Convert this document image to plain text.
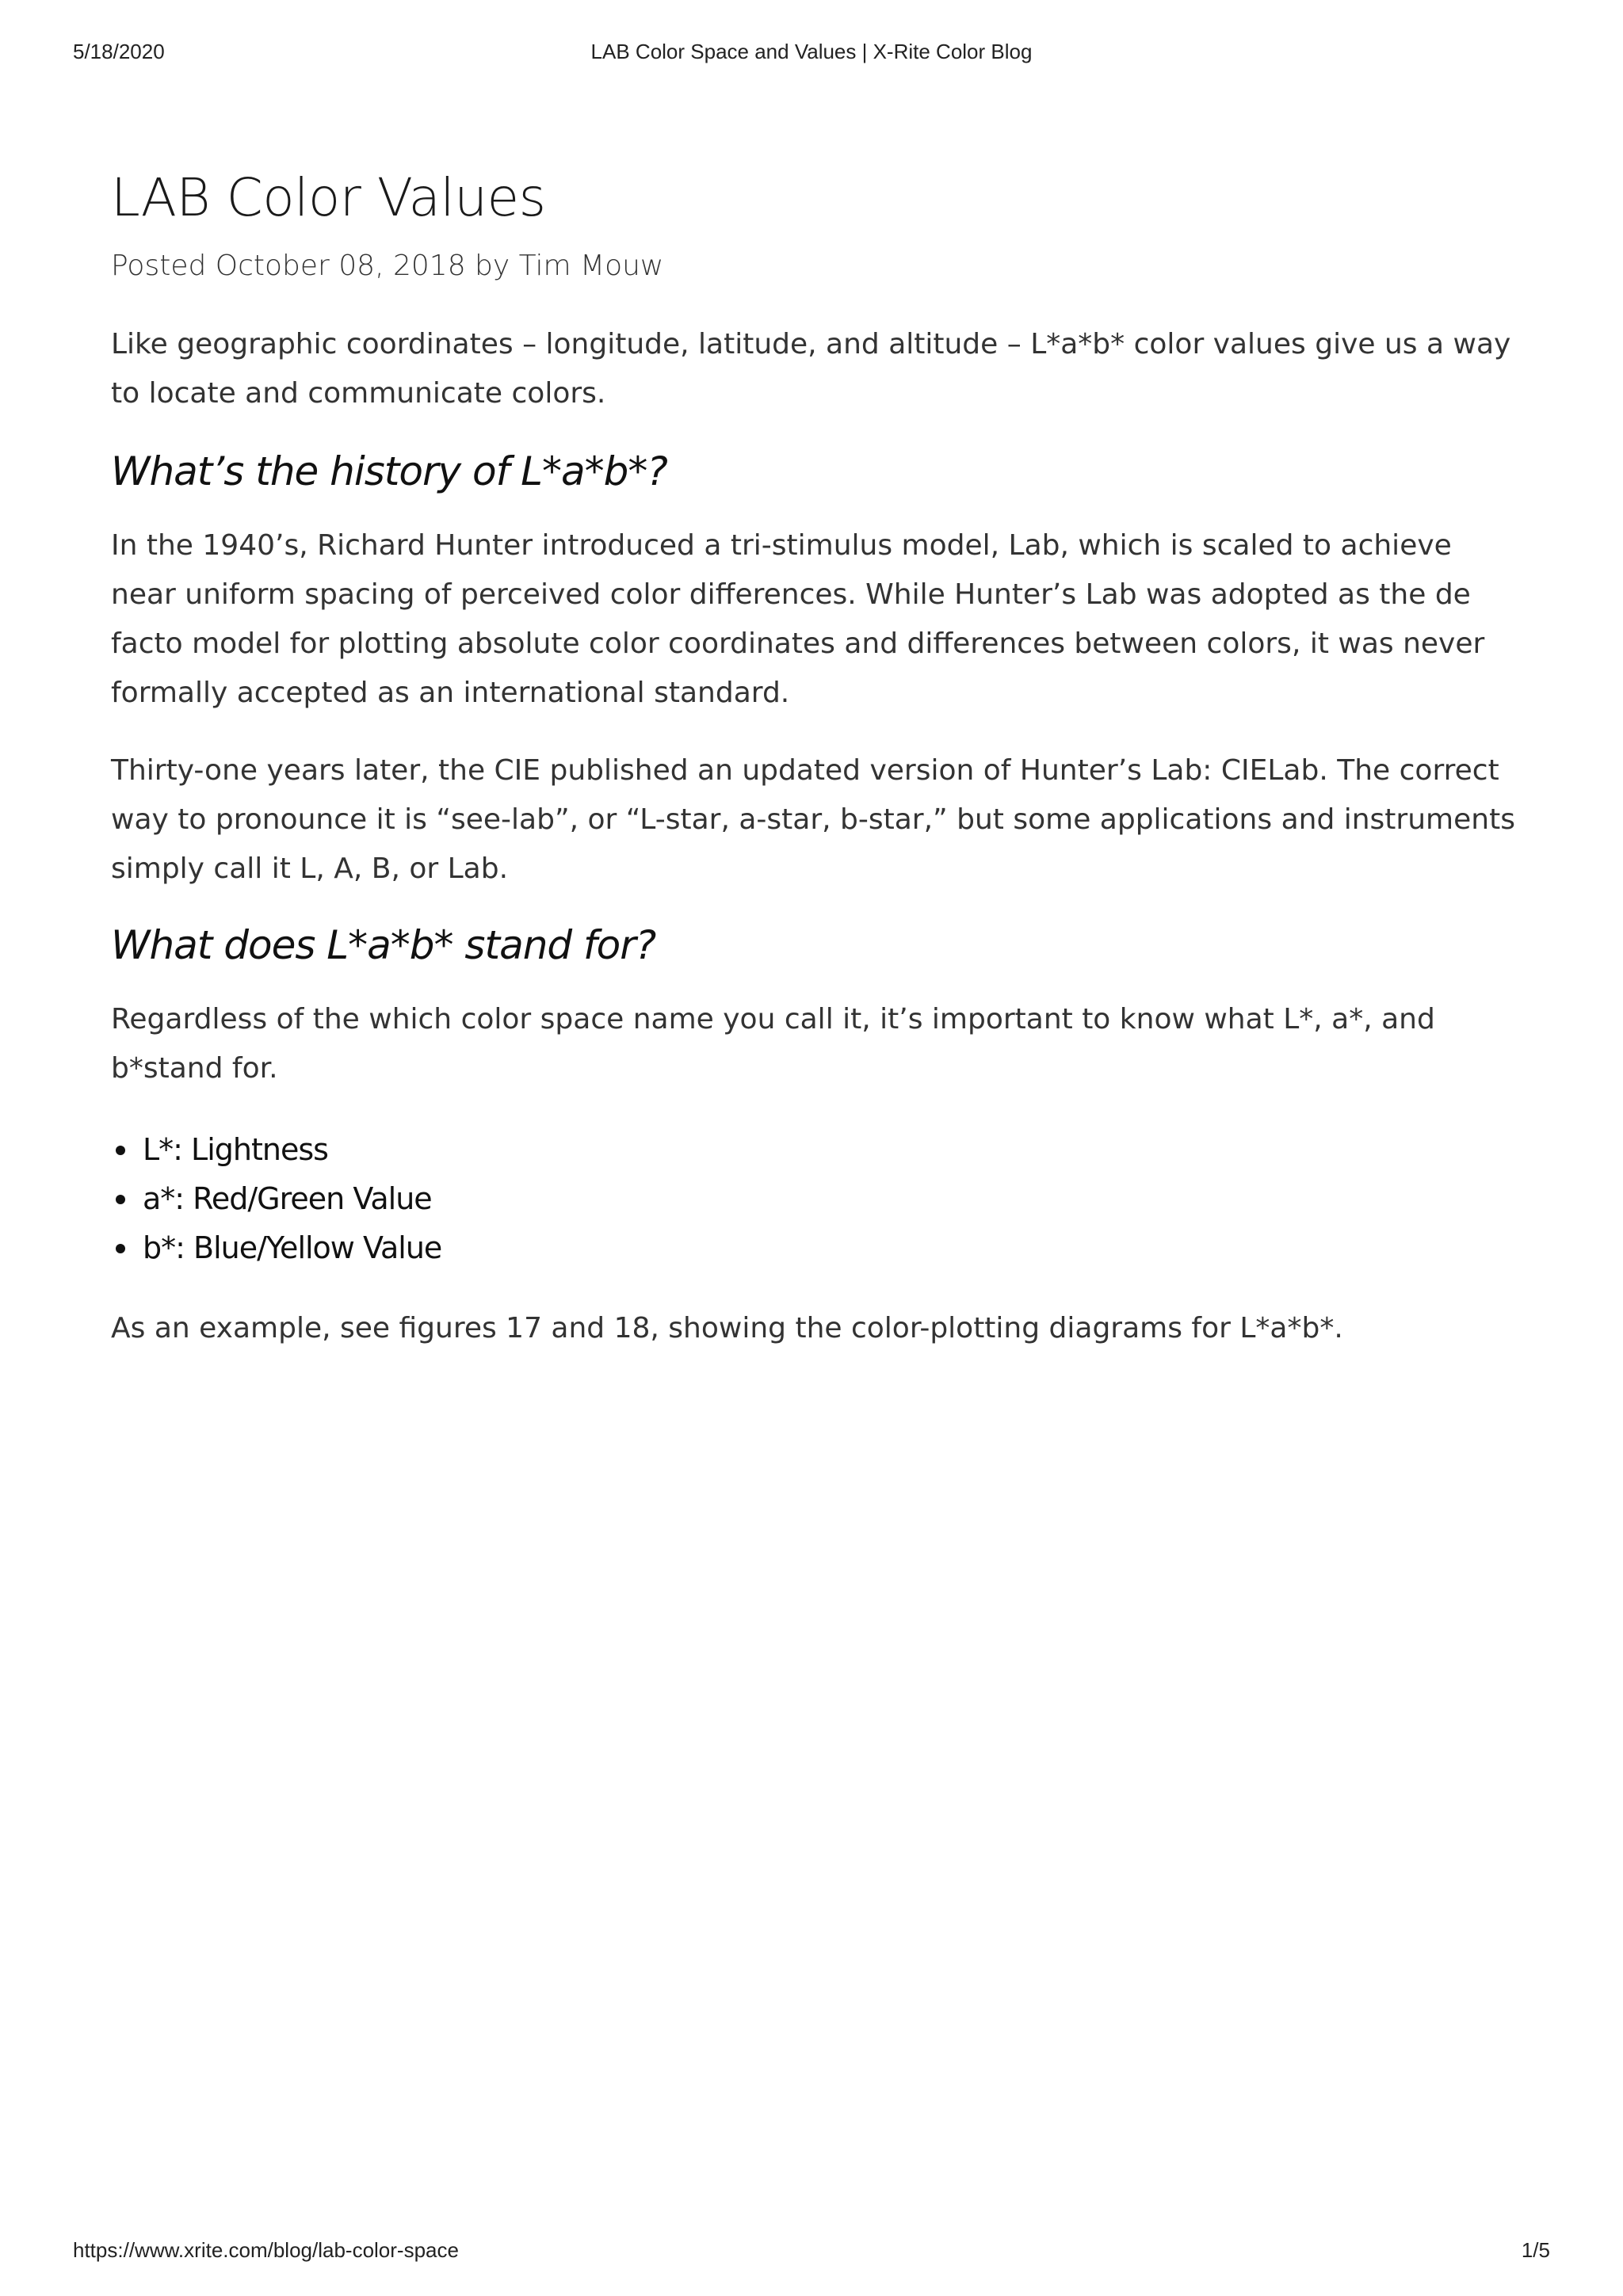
5/18/2020	LAB Color Space and Values | X-Rite Color Blog
LAB Color Values
Posted October 08, 2018 by Tim Mouw

Like geographic coordinates – longitude, latitude, and altitude – L*a*b* color values give us a way to locate and communicate colors.

What’s the history of L*a*b*?

In the 1940’s, Richard Hunter introduced a tri-stimulus model, Lab, which is scaled to achieve near uniform spacing of perceived color differences. While Hunter’s Lab was adopted as the de facto model for plotting absolute color coordinates and differences between colors, it was never formally accepted as an international standard.

Thirty-one years later, the CIE published an updated version of Hunter’s Lab: CIELab. The correct way to pronounce it is “see-lab”, or “L-star, a-star, b-star,” but some applications and instruments simply call it L, A, B, or Lab.

What does L*a*b* stand for?

Regardless of the which color space name you call it, it’s important to know what L*, a*, and b*stand for.

L*: Lightness
a*: Red/Green Value
b*: Blue/Yellow Value

As an example, see figures 17 and 18, showing the color-plotting diagrams for L*a*b*.

https://www.xrite.com/blog/lab-color-space	1/5
